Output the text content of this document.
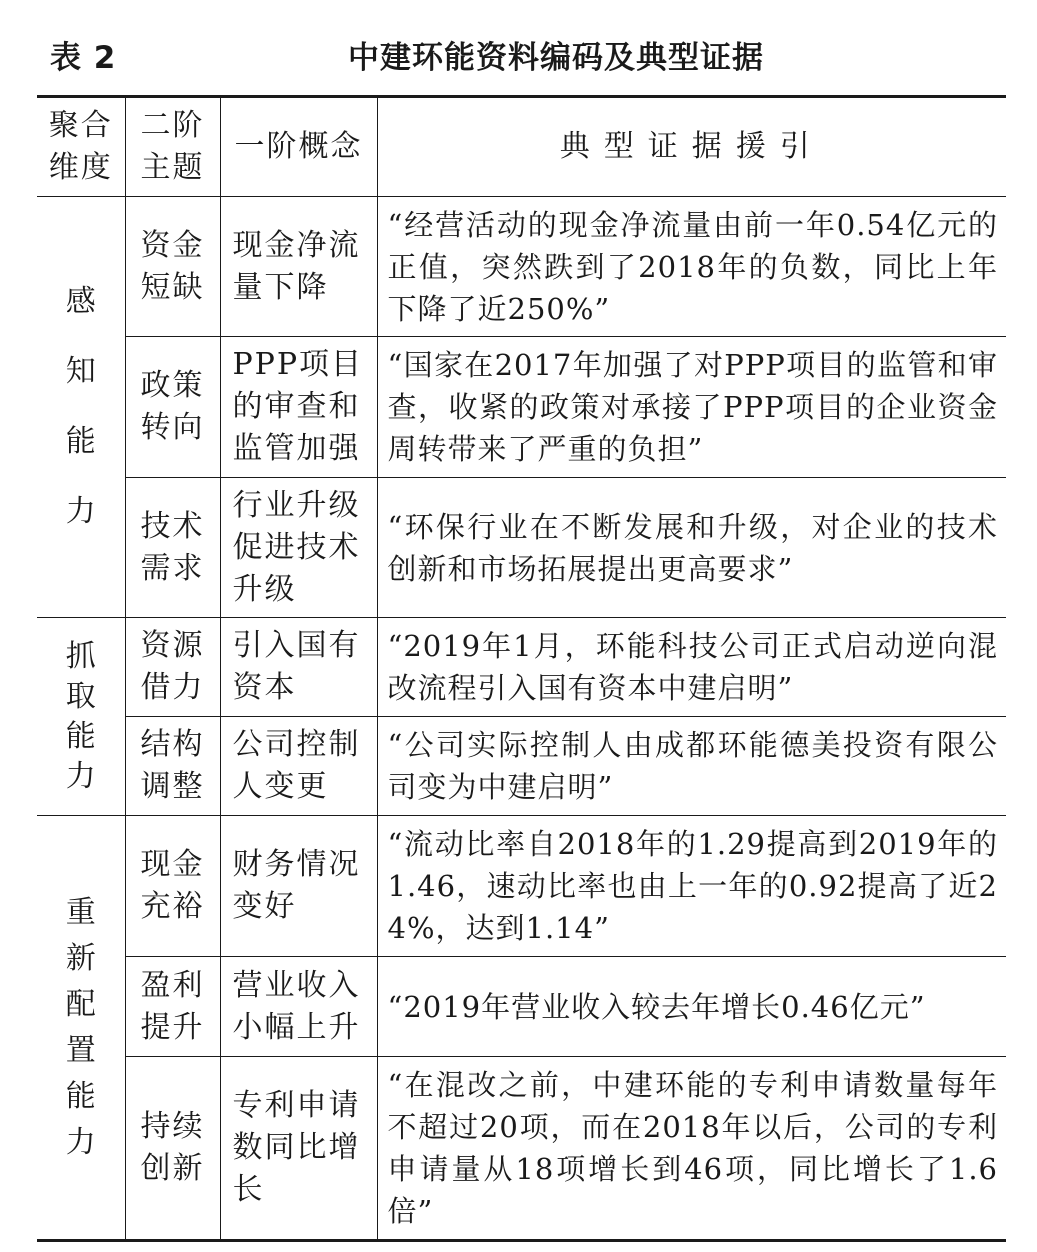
表 2	中建环能资料编码及典型证据
聚合维度	二阶主题	一阶概念	典型证据援引
感知能力	资金短缺	现金净流量下降	“经营活动的现金净流量由前一年0.54亿元的正值，突然跌到了2018年的负数，同比上年下降了近250%”

	政策转向	PPP项目的审查和监管加强	“国家在2017年加强了对PPP项目的监管和审查，收紧的政策对承接了PPP项目的企业资金周转带来了严重的负担”

	技术需求	行业升级促进技术升级	“环保行业在不断发展和升级，对企业的技术创新和市场拓展提出更高要求”
抓取能力	资源借力	引入国有资本	“2019年1月，环能科技公司正式启动逆向混改流程引入国有资本中建启明”

	结构调整	公司控制人变更	“公司实际控制人由成都环能德美投资有限公司变为中建启明”
重新配置能力	现金充裕	财务情况变好	“流动比率自2018年的1.29提高到2019年的1.46，速动比率也由上一年的0.92提高了近24%，达到1.14”

	盈利提升	营业收入小幅上升	“2019年营业收入较去年增长0.46亿元”

	持续创新	专利申请数同比增长	“在混改之前，中建环能的专利申请数量每年不超过20项，而在2018年以后，公司的专利申请量从18项增长到46项，同比增长了1.6倍”
